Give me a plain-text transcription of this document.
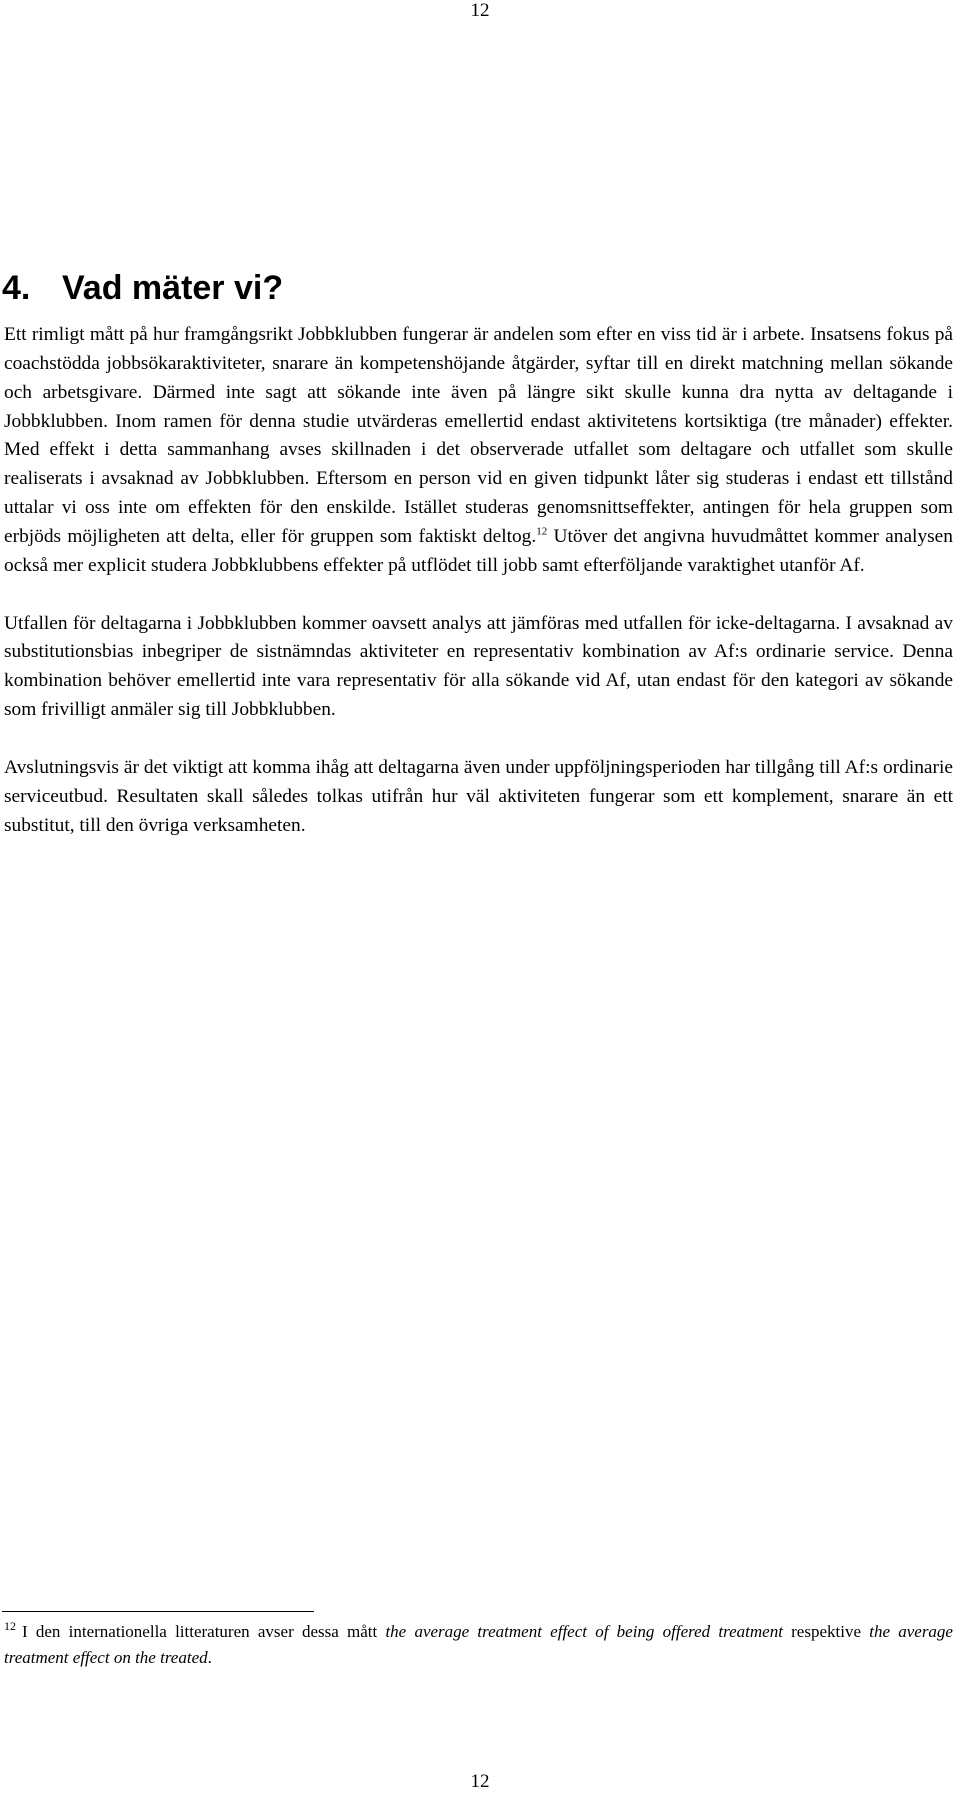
12
4. Vad mäter vi?

Ett rimligt mått på hur framgångsrikt Jobbklubben fungerar är andelen som efter en viss tid är i arbete. Insatsens fokus på coachstödda jobbsökaraktiviteter, snarare än kompetenshöjande åtgärder, syftar till en direkt matchning mellan sökande och arbetsgivare. Därmed inte sagt att sökande inte även på längre sikt skulle kunna dra nytta av deltagande i Jobbklubben. Inom ramen för denna studie utvärderas emellertid endast aktivitetens kortsiktiga (tre månader) effekter. Med effekt i detta sammanhang avses skillnaden i det observerade utfallet som deltagare och utfallet som skulle realiserats i avsaknad av Jobbklubben. Eftersom en person vid en given tidpunkt låter sig studeras i endast ett tillstånd uttalar vi oss inte om effekten för den enskilde. Istället studeras genomsnittseffekter, antingen för hela gruppen som erbjöds möjligheten att delta, eller för gruppen som faktiskt deltog.$^{12}$ Utöver det angivna huvudmåttet kommer analysen också mer explicit studera Jobbklubbens effekter på utflödet till jobb samt efterföljande varaktighet utanför Af.

Utfallen för deltagarna i Jobbklubben kommer oavsett analys att jämföras med utfallen för icke-deltagarna. I avsaknad av substitutionsbias inbegriper de sistnämndas aktiviteter en representativ kombination av Af:s ordinarie service. Denna kombination behöver emellertid inte vara representativ för alla sökande vid Af, utan endast för den kategori av sökande som frivilligt anmäler sig till Jobbklubben.

Avslutningsvis är det viktigt att komma ihåg att deltagarna även under uppföljningsperioden har tillgång till Af:s ordinarie serviceutbud. Resultaten skall således tolkas utifrån hur väl aktiviteten fungerar som ett komplement, snarare än ett substitut, till den övriga verksamheten.

$^{12}$ I den internationella litteraturen avser dessa mått the average treatment effect of being offered treatment respektive the average treatment effect on the treated.
12
